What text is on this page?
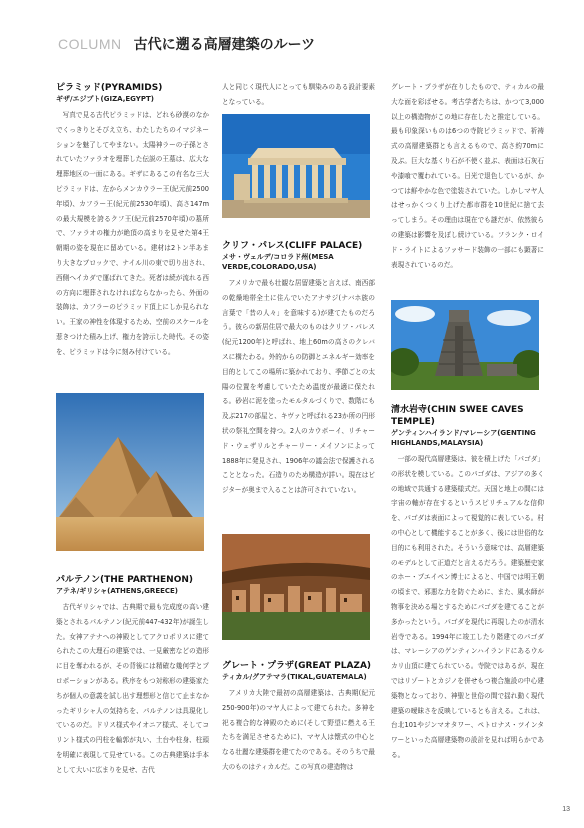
COLUMN 古代に遡る高層建築のルーツ
ピラミッド(PYRAMIDS)
ギザ/エジプト(GIZA,EGYPT)

写真で見る古代ピラミッドは、どれも砂漠のなかでくっきりとそびえ立ち、わたしたちのイマジネーションを魅了してやまない。太陽神ラーの子孫とされていたファラオを埋葬した伝説の王墓は、広大な埋葬地区の一面にある。ギザにあるこの有名な三大ピラミッドは、左からメンカウラー王(紀元前2500年頃)、カフラー王(紀元前2530年頃)、高さ147mの最大規模を誇るクフ王(紀元前2570年頃)の墓所で、ファラオの権力が絶頂の高まりを見せた第4王朝期の姿を現在に留めている。建材は2トン半あまり大きなブロックで、ナイル川の東で切り出され、西側へイカダで運ばれてきた。死者は続が流れる西の方向に埋葬されなければならなかったら、外面の装飾は、カフラーのピラミッド頂上にしか見られない。王家の神性を体現するため、空前のスケールを惹きつけた積み上げ、権力を誇示した時代。その姿を、ピラミッドは今に刻み付けている。

パルテノン(THE PARTHENON)
アテネ/ギリシャ(ATHENS,GREECE)

古代ギリシャでは、古典期で最も完成度の高い建築とされるパルテノン(紀元前447-432年)が誕生した。女神アテナへの神殿としてアクロポリスに建てられたこの大理石の建築では、一見厳密などの造形に目を奪われるが、その背後には精確な幾何学とプロポーションがある。秩序をもつ対称形の建築家たちが個人の意義を試し出す理想形と信じて止まなかったギリシャ人の気持ちを、パルテノンは具現化しているのだ。ドリス様式やイオニア様式、そしてコリント様式の円柱を輪郭が丸い、土台や柱身、柱頭を明確に表現して見せている。この古典建築は手本として大いに広まりを見せ、古代

人と同じく現代人にとっても馴染みのある設計要素となっている。

クリフ・パレス(CLIFF PALACE)
メサ・ヴェルデ/コロラド州(MESA VERDE,COLORADO,USA)

アメリカで最も壮観な居留建築と言えば、南西部の乾燥地帯全土に住んでいたアナサジ(ナバホ族の言葉で「昔の人々」を意味する)が建てたものだろう。彼らの新居住居で最大のものはクリフ・パレス(紀元1200年)と呼ばれ、地上60mの高さのクレバスに構たわる。外的からの防御とエネルギー効率を目的としてこの場所に築かれており、季節ごとの太陽の位置を考慮していたため温度が最適に保たれる。砂岩に泥を塗ったモルタルづくりで、数階にも及ぶ217の部屋と、キヴァと呼ばれる23か所の円形状の祭礼空間を持つ。2人のカウボーイ、リチャード・ウェザリルとチャーリー・メイソンによって1888年に発見され、1906年の議会法で保護されることとなった。石造りのため構造が詳い。現在はビジターが奥まで入ることは許可されていない。

グレート・プラザ(GREAT PLAZA)
ティカル/グアテマラ(TIKAL,GUATEMALA)

アメリカ大陸で最初の高層建築は、古典期(紀元250-900年)のマヤ人によって建てられた。多神を祀る複合的な神殿のために(そして野望に燃える王たちを満足させるために)、マヤ人は懐式の中心となる壮麗な建築群を建てたのである。そのうちで最大のものはティカルだ。この写真の建造物は

グレート・プラザが在りしたもので、ティカルの最大な面を彩ばせる。考古学者たちは、かつて3,000以上の構造物がこの地に存在したと推定している。最も印象深いものは6つの寺院ピラミッドで、祈祷式の高層建築群とも言えるもので、高さ約70mに及ぶ。巨大な基くり石が不使く並ぶ、表面は石灰石や漆喰で覆われている。日光で退色しているが、かつては鮮やかな色で塗装されていた。しかしマヤ人はせっかくつくり上げた都市群を10世紀に捨て去ってしまう。その理由は現在でも謎だが、依然彼らの建築は影響を及ぼし続けている。フランク・ロイド・ライトによるファサード装飾の一部にも顕著に表現されているのだ。

清水岩寺(CHIN SWEE CAVES TEMPLE)
ゲンティンハイランド/マレーシア(GENTING HIGHLANDS,MALAYSIA)

一部の現代高層建築は、彼を積上げた「パゴダ」の形状を模している。このパゴダは、アジアの多くの地域で共通する建築様式だ。天国と地上の間には宇宙の軸が存在するというスピリチュアルな信仰を、パゴダは表面によって視覚的に表している。村の中心として機能することが多く、後には世俗的な目的にも利用された。そういう意味では、高層建築のモデルとして正道だと言えるだろう。建築歴史家のホー・プエイペン博士によると、中国では明王朝の頃まで、邪悪な力を防ぐために、また、風水師が物事を決める場とするためにパゴダを建てることが多かったという。パゴダを現代に再現したのが清水岩寺である。1994年に竣工したり階建てのパゴダは、マレーシアのゲンティンハイランドにあるウルカリ山頂に建てられている。寺院ではあるが、現在ではリゾートとカジノを併せもつ複合施設の中心建築物となっており、神聖と世俗の間で揺れ動く現代建築の曖昧さを反映しているとも言える。これは、台北101やジンマオタワー、ペトロナス・ツインタワーといった高層建築物の設計を見れば明らかである。

13
